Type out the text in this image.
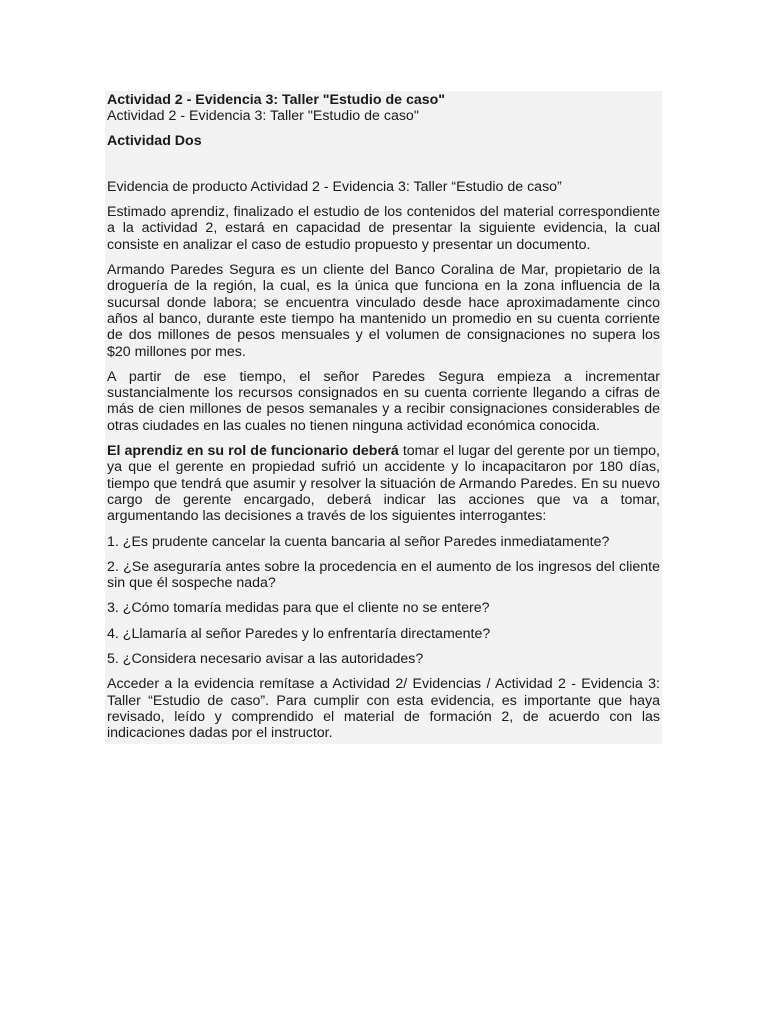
Actividad 2 - Evidencia 3: Taller "Estudio de caso"

Actividad 2 - Evidencia 3: Taller "Estudio de caso"

Actividad Dos

Evidencia de producto Actividad 2 - Evidencia 3: Taller “Estudio de caso”

Estimado aprendiz, finalizado el estudio de los contenidos del material correspondiente a la actividad 2, estará en capacidad de presentar la siguiente evidencia, la cual consiste en analizar el caso de estudio propuesto y presentar un documento.

Armando Paredes Segura es un cliente del Banco Coralina de Mar, propietario de la droguería de la región, la cual, es la única que funciona en la zona influencia de la sucursal donde labora; se encuentra vinculado desde hace aproximadamente cinco años al banco, durante este tiempo ha mantenido un promedio en su cuenta corriente de dos millones de pesos mensuales y el volumen de consignaciones no supera los $20 millones por mes.

A partir de ese tiempo, el señor Paredes Segura empieza a incrementar sustancialmente los recursos consignados en su cuenta corriente llegando a cifras de más de cien millones de pesos semanales y a recibir consignaciones considerables de otras ciudades en las cuales no tienen ninguna actividad económica conocida.

El aprendiz en su rol de funcionario deberá tomar el lugar del gerente por un tiempo, ya que el gerente en propiedad sufrió un accidente y lo incapacitaron por 180 días, tiempo que tendrá que asumir y resolver la situación de Armando Paredes. En su nuevo cargo de gerente encargado, deberá indicar las acciones que va a tomar, argumentando las decisiones a través de los siguientes interrogantes:

1. ¿Es prudente cancelar la cuenta bancaria al señor Paredes inmediatamente?

2. ¿Se aseguraría antes sobre la procedencia en el aumento de los ingresos del cliente sin que él sospeche nada?

3. ¿Cómo tomaría medidas para que el cliente no se entere?

4. ¿Llamaría al señor Paredes y lo enfrentaría directamente?

5. ¿Considera necesario avisar a las autoridades?

Acceder a la evidencia remítase a Actividad 2/ Evidencias / Actividad 2 - Evidencia 3: Taller “Estudio de caso”. Para cumplir con esta evidencia, es importante que haya revisado, leído y comprendido el material de formación 2, de acuerdo con las indicaciones dadas por el instructor.
